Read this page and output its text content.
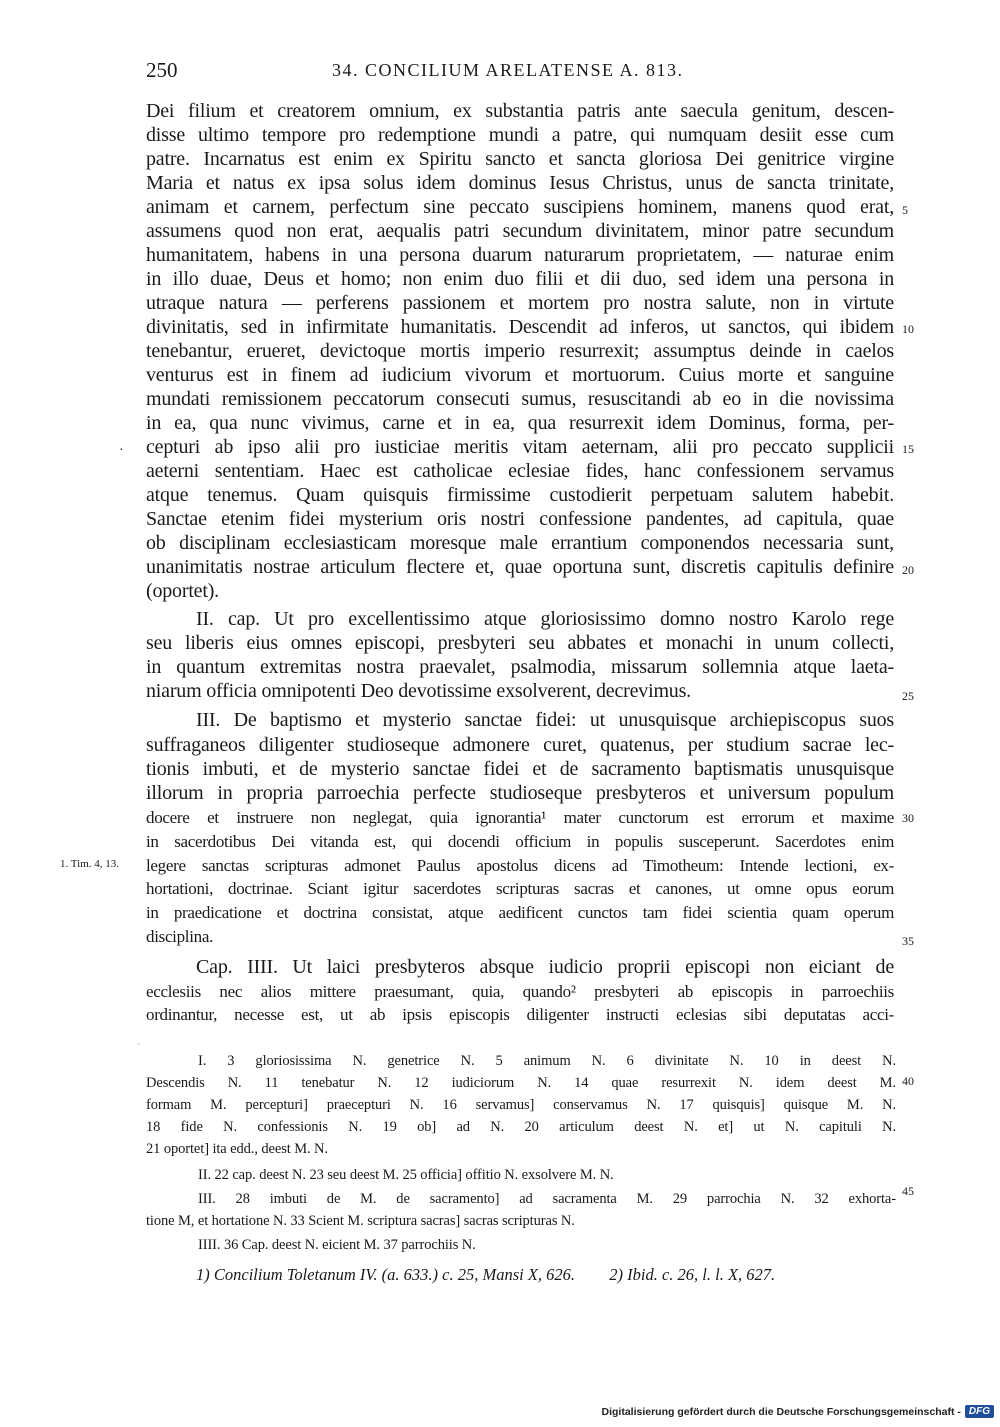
250	34. CONCILIUM ARELATENSE A. 813.
Dei filium et creatorem omnium, ex substantia patris ante saecula genitum, descen-
disse ultimo tempore pro redemptione mundi a patre, qui numquam desiit esse cum
patre. Incarnatus est enim ex Spiritu sancto et sancta gloriosa Dei genitrice virgine
Maria et natus ex ipsa solus idem dominus Iesus Christus, unus de sancta trinitate,
animam et carnem, perfectum sine peccato suscipiens hominem, manens quod erat,
assumens quod non erat, aequalis patri secundum divinitatem, minor patre secundum
humanitatem, habens in una persona duarum naturarum proprietatem, — naturae enim
in illo duae, Deus et homo; non enim duo filii et dii duo, sed idem una persona in
utraque natura — perferens passionem et mortem pro nostra salute, non in virtute
divinitatis, sed in infirmitate humanitatis. Descendit ad inferos, ut sanctos, qui ibidem
tenebantur, erueret, devictoque mortis imperio resurrexit; assumptus deinde in caelos
venturus est in finem ad iudicium vivorum et mortuorum. Cuius morte et sanguine
mundati remissionem peccatorum consecuti sumus, resuscitandi ab eo in die novissima
in ea, qua nunc vivimus, carne et in ea, qua resurrexit idem Dominus, forma, per-
cepturi ab ipso alii pro iusticiae meritis vitam aeternam, alii pro peccato supplicii
aeterni sententiam. Haec est catholicae eclesiae fides, hanc confessionem servamus
atque tenemus. Quam quisquis firmissime custodierit perpetuam salutem habebit.
Sanctae etenim fidei mysterium oris nostri confessione pandentes, ad capitula, quae
ob disciplinam ecclesiasticam moresque male errantium componendos necessaria sunt,
unanimitatis nostrae articulum flectere et, quae oportuna sunt, discretis capitulis definire
(oportet).
II. cap. Ut pro excellentissimo atque gloriosissimo domno nostro Karolo rege
seu liberis eius omnes episcopi, presbyteri seu abbates et monachi in unum collecti,
in quantum extremitas nostra praevalet, psalmodia, missarum sollemnia atque laeta-
niarum officia omnipotenti Deo devotissime exsolverent, decrevimus.
III. De baptismo et mysterio sanctae fidei: ut unusquisque archiepiscopus suos
suffraganeos diligenter studioseque admonere curet, quatenus, per studium sacrae lec-
tionis imbuti, et de mysterio sanctae fidei et de sacramento baptismatis unusquisque
illorum in propria parroechia perfecte studioseque presbyteros et universum populum
docere et instruere non neglegat, quia ignorantia¹ mater cunctorum est errorum et maxime
in sacerdotibus Dei vitanda est, qui docendi officium in populis susceperunt. Sacerdotes enim
legere sanctas scripturas admonet Paulus apostolus dicens ad Timotheum: Intende lectioni, ex-
hortationi, doctrinae. Sciant igitur sacerdotes scripturas sacras et canones, ut omne opus eorum
in praedicatione et doctrina consistat, atque aedificent cunctos tam fidei scientia quam operum
disciplina.
Cap. IIII. Ut laici presbyteros absque iudicio proprii episcopi non eiciant de
ecclesiis nec alios mittere praesumant, quia, quando² presbyteri ab episcopis in parroechiis
ordinantur, necesse est, ut ab ipsis episcopis diligenter instructi eclesias sibi deputatas acci-
5
10
15
20
25
30
35
40
45
1. Tim. 4, 13.
·
`
I. 3 gloriosissima N. genetrice N. 5 animum N. 6 divinitate N. 10 in deest N.
Descendis N. 11 tenebatur N. 12 iudiciorum N. 14 quae resurrexit N. idem deest M.
formam M. percepturi] praecepturi N. 16 servamus] conservamus N. 17 quisquis] quisque M. N.
18 fide N. confessionis N. 19 ob] ad N. 20 articulum deest N. et] ut N. capituli N.
21 oportet] ita edd., deest M. N.
II. 22 cap. deest N. 23 seu deest M. 25 officia] offitio N. exsolvere M. N.
III. 28 imbuti de M. de sacramento] ad sacramenta M. 29 parrochia N. 32 exhorta-
tione M, et hortatione N. 33 Scient M. scriptura sacras] sacras scripturas N.
IIII. 36 Cap. deest N. eicient M. 37 parrochiis N.
1) Concilium Toletanum IV. (a. 633.) c. 25, Mansi X, 626. 2) Ibid. c. 26, l. l. X, 627.
Digitalisierung gefördert durch die Deutsche Forschungsgemeinschaft - DFG
